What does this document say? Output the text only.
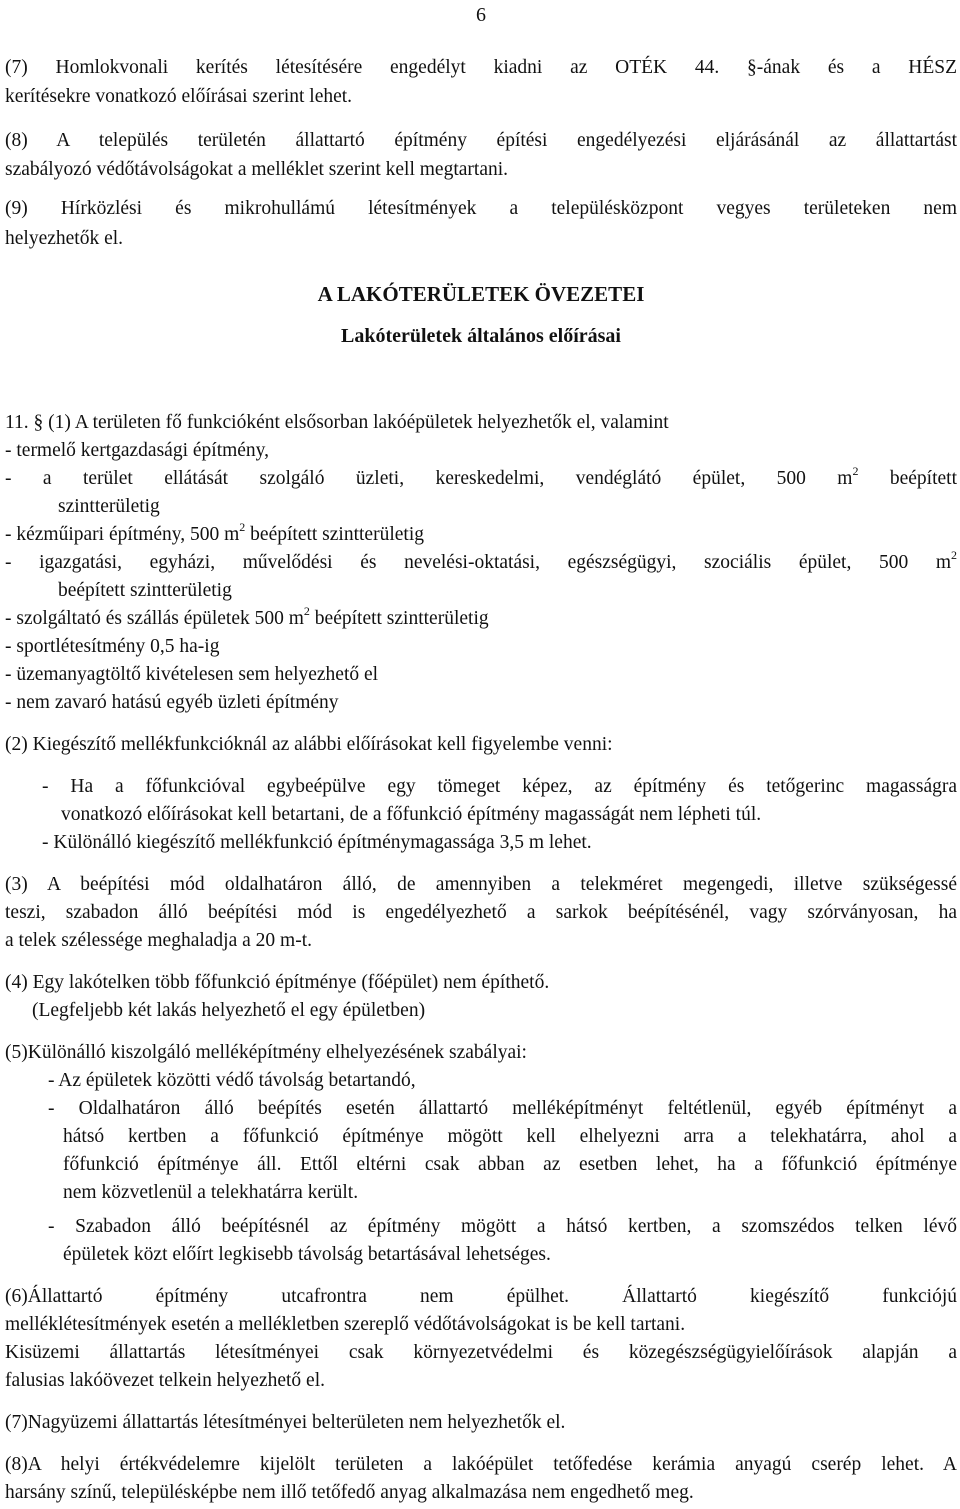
6
(7) Homlokvonali kerítés létesítésére engedélyt kiadni az OTÉK 44. §-ának és a HÉSZ
kerítésekre vonatkozó előírásai szerint lehet.
(8) A település területén állattartó építmény építési engedélyezési eljárásánál az állattartást
szabályozó védőtávolságokat a melléklet szerint kell megtartani.
(9) Hírközlési és mikrohullámú létesítmények a településközpont vegyes területeken nem
helyezhetők el.
A LAKÓTERÜLETEK ÖVEZETEI
Lakóterületek általános előírásai
11. § (1) A területen fő funkcióként elsősorban lakóépületek helyezhetők el, valamint
- termelő kertgazdasági építmény,
- a terület ellátását szolgáló üzleti, kereskedelmi, vendéglátó épület, 500 $m^2$ beépített
szintterületig
- kézműipari építmény, 500 $m^2$ beépített szintterületig
- igazgatási, egyházi, művelődési és nevelési-oktatási, egészségügyi, szociális épület, 500 $m^2$
beépített szintterületig
- szolgáltató és szállás épületek 500 $m^2$ beépített szintterületig
- sportlétesítmény 0,5 ha-ig
- üzemanyagtöltő kivételesen sem helyezhető el
- nem zavaró hatású egyéb üzleti építmény
(2) Kiegészítő mellékfunkcióknál az alábbi előírásokat kell figyelembe venni:
- Ha a főfunkcióval egybeépülve egy tömeget képez, az építmény és tetőgerinc magasságra
vonatkozó előírásokat kell betartani, de a főfunkció építmény magasságát nem lépheti túl.
- Különálló kiegészítő mellékfunkció építménymagassága 3,5 m lehet.
(3) A beépítési mód oldalhatáron álló, de amennyiben a telekméret megengedi, illetve szükségessé
teszi, szabadon álló beépítési mód is engedélyezhető a sarkok beépítésénél, vagy szórványosan, ha
a telek szélessége meghaladja a 20 m-t.
(4) Egy lakótelken több főfunkció építménye (főépület) nem építhető.
(Legfeljebb két lakás helyezhető el egy épületben)
(5)Különálló kiszolgáló melléképítmény elhelyezésének szabályai:
- Az épületek közötti védő távolság betartandó,
- Oldalhatáron álló beépítés esetén állattartó melléképítményt feltétlenül, egyéb építményt a
hátsó kertben a főfunkció építménye mögött kell elhelyezni arra a telekhatárra, ahol a
főfunkció építménye áll. Ettől eltérni csak abban az esetben lehet, ha a főfunkció építménye
nem közvetlenül a telekhatárra került.
- Szabadon álló beépítésnél az építmény mögött a hátsó kertben, a szomszédos telken lévő
épületek közt előírt legkisebb távolság betartásával lehetséges.
(6)Állattartó építmény utcafrontra nem épülhet. Állattartó kiegészítő funkciójú
melléklétesítmények esetén a mellékletben szereplő védőtávolságokat is be kell tartani.
Kisüzemi állattartás létesítményei csak környezetvédelmi és közegészségügyielőírások alapján a
falusias lakóövezet telkein helyezhető el.
(7)Nagyüzemi állattartás létesítményei belterületen nem helyezhetők el.
(8)A helyi értékvédelemre kijelölt területen a lakóépület tetőfedése kerámia anyagú cserép lehet. A
harsány színű, településképbe nem illő tetőfedő anyag alkalmazása nem engedhető meg.
